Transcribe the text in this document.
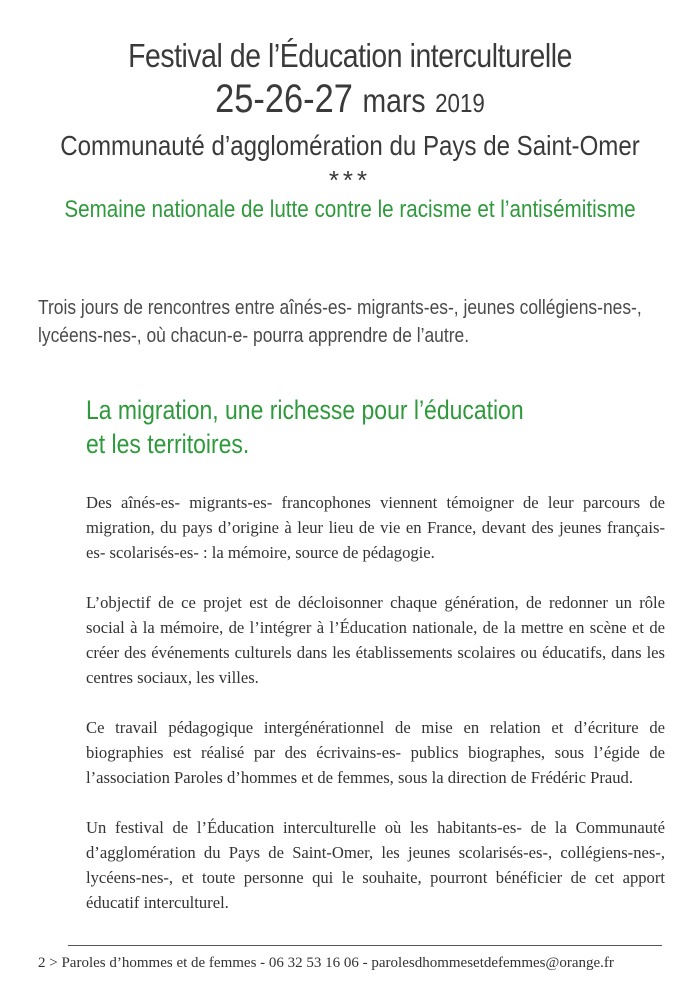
Festival de l’Éducation interculturelle
25-26-27 mars 2019
Communauté d’agglomération du Pays de Saint-Omer
***
Semaine nationale de lutte contre le racisme et l’antisémitisme
Trois jours de rencontres entre aînés-es- migrants-es-, jeunes collégiens-nes-,
lycéens-nes-, où chacun-e- pourra apprendre de l’autre.
La migration, une richesse pour l’éducation
et les territoires.

Des aînés-es- migrants-es- francophones viennent témoigner de leur parcours de migration, du pays d’origine à leur lieu de vie en France, devant des jeunes français-es- scolarisés-es- : la mémoire, source de pédagogie.

L’objectif de ce projet est de décloisonner chaque génération, de redonner un rôle social à la mémoire, de l’intégrer à l’Éducation nationale, de la mettre en scène et de créer des événements culturels dans les établissements scolaires ou éducatifs, dans les centres sociaux, les villes.

Ce travail pédagogique intergénérationnel de mise en relation et d’écriture de biographies est réalisé par des écrivains-es- publics biographes, sous l’égide de l’association Paroles d’hommes et de femmes, sous la direction de Frédéric Praud.

Un festival de l’Éducation interculturelle où les habitants-es- de la Communauté d’agglomération du Pays de Saint-Omer, les jeunes scolarisés-es-, collégiens-nes-, lycéens-nes-, et toute personne qui le souhaite, pourront bénéficier de cet apport éducatif interculturel.

2 > Paroles d’hommes et de femmes - 06 32 53 16 06 - parolesdhommesetdefemmes@orange.fr
